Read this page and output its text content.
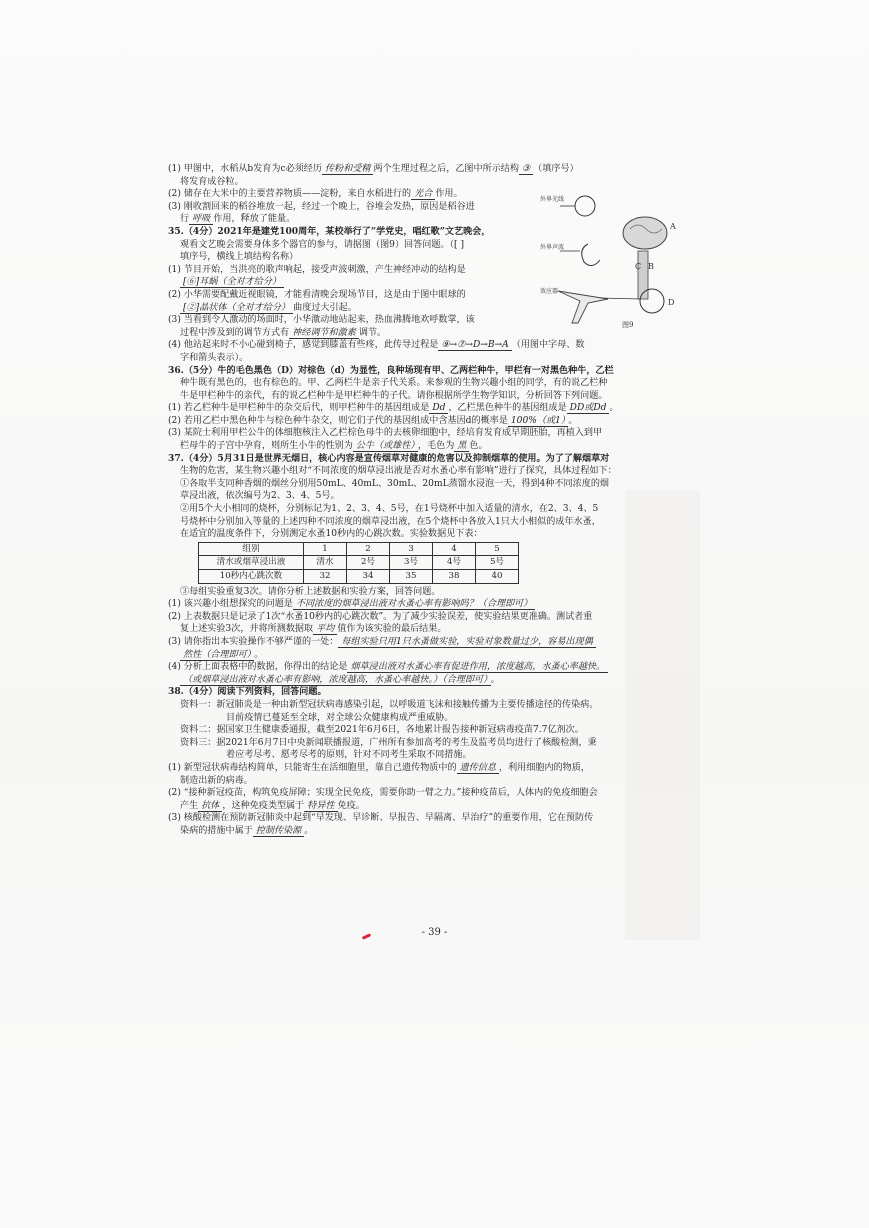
(1) 甲图中，水稻从b发育为c必须经历 传粉和受精 两个生理过程之后，乙图中所示结构 ③ （填序号）
将发育成谷粒。
(2) 储存在大米中的主要营养物质——淀粉，来自水稻进行的 光合 作用。
(3) 刚收割回来的稻谷堆放一起，经过一个晚上，谷堆会发热，原因是稻谷进
行 呼吸 作用，释放了能量。
35.（4分）2021年是建党100周年，某校举行了“学党史，唱红歌”文艺晚会，
观看文艺晚会需要身体多个器官的参与，请据图（图9）回答问题。（[ ]
填序号，横线上填结构名称）
(1) 节目开始，当洪亮的歌声响起，接受声波刺激，产生神经冲动的结构是
[⑥]耳蜗（全对才给分）
(2) 小华需要配戴近视眼镜，才能看清晚会现场节目，这是由于图中眼球的
[②]晶状体（全对才给分） 曲度过大引起。
(3) 当看到令人激动的场面时，小华激动地站起来，热血沸腾地欢呼数掌，该
过程中涉及到的调节方式有 神经调节和激素 调节。
(4) 他站起来时不小心碰到椅子，感觉到膝盖有些疼，此传导过程是 ⑨→⑦→D→B→A （用图中字母、数
字和箭头表示）。
36.（5分）牛的毛色黑色（D）对棕色（d）为显性，良种场现有甲、乙两栏种牛，甲栏有一对黑色种牛，乙栏
种牛既有黑色的，也有棕色的。甲、乙两栏牛是亲子代关系。来参观的生物兴趣小组的同学，有的说乙栏种
牛是甲栏种牛的亲代，有的说乙栏种牛是甲栏种牛的子代。请你根据所学生物学知识，分析回答下列问题。
(1) 若乙栏种牛是甲栏种牛的杂交后代，则甲栏种牛的基因组成是 Dd ，乙栏黑色种牛的基因组成是 DD或Dd 。
(2) 若用乙栏中黑色种牛与棕色种牛杂交，则它们子代的基因组成中含基因d的概率是 100%（或1） 。
(3) 某院士利用甲栏公牛的体细胞核注入乙栏棕色母牛的去核卵细胞中，经培育发育成早期胚胎，再植入到甲
栏母牛的子宫中孕育，则所生小牛的性别为 公牛（或雄性） ，毛色为 黑 色。
37.（4分）5月31日是世界无烟日，核心内容是宣传烟草对健康的危害以及抑制烟草的使用。为了了解烟草对
生物的危害，某生物兴趣小组对“不同浓度的烟草浸出液是否对水蚤心率有影响”进行了探究，具体过程如下：
①各取半支同种香烟的烟丝分别用50mL、40mL、30mL、20mL蒸馏水浸泡一天，得到4种不同浓度的烟
草浸出液，依次编号为2、3、4、5号。
②用5个大小相同的烧杯，分别标记为1、2、3、4、5号，在1号烧杯中加入适量的清水，在2、3、4、5
号烧杯中分别加入等量的上述四种不同浓度的烟草浸出液，在5个烧杯中各放入1只大小相似的成年水蚤，
在适宜的温度条件下，分别测定水蚤10秒内的心跳次数。实验数据见下表：
组别	1	2	3	4	5
清水或烟草浸出液	清水	2号	3号	4号	5号
10秒内心跳次数	32	34	35	38	40
③每组实验重复3次。请你分析上述数据和实验方案，回答问题。
(1) 该兴趣小组想探究的问题是 不同浓度的烟草浸出液对水蚤心率有影响吗？（合理即可）
(2) 上表数据只是记录了1次“水蚤10秒内的心跳次数”。为了减少实验误差，使实验结果更准确。测试者重
复上述实验3次，并将所测数据取 平均 值作为该实验的最后结果。
(3) 请你指出本实验操作不够严谨的一处： 每组实验只用1只水蚤做实验，实验对象数量过少，容易出现偶
然性（合理即可） 。
(4) 分析上面表格中的数据，你得出的结论是 烟草浸出液对水蚤心率有促进作用，浓度越高，水蚤心率越快。
（或烟草浸出液对水蚤心率有影响，浓度越高，水蚤心率越快。）（合理即可） 。
38.（4分）阅读下列资料，回答问题。
资料一：新冠肺炎是一种由新型冠状病毒感染引起，以呼吸道飞沫和接触传播为主要传播途径的传染病。
目前疫情已蔓延至全球，对全球公众健康构成严重威胁。
资料二：据国家卫生健康委通报，截至2021年6月6日，各地累计报告接种新冠病毒疫苗7.7亿剂次。
资料三：据2021年6月7日中央新闻联播报道，广州所有参加高考的考生及监考员均进行了核酸检测，秉
着应考尽考、愿考尽考的原则，针对不同考生采取不同措施。
(1) 新型冠状病毒结构简单，只能寄生在活细胞里，靠自己遗传物质中的 遗传信息 ，利用细胞内的物质，
制造出新的病毒。
(2) “接种新冠疫苗，构筑免疫屏障；实现全民免疫，需要你助一臂之力。”接种疫苗后，人体内的免疫细胞会
产生 抗体 ，这种免疫类型属于 特异性 免疫。
(3) 核酸检测在预防新冠肺炎中起到“早发现、早诊断、早报告、早隔离、早治疗”的重要作用，它在预防传
染病的措施中属于 控制传染源 。
A
B
C
D
外界光线
外界声波
效应器
图9
- 39 -
